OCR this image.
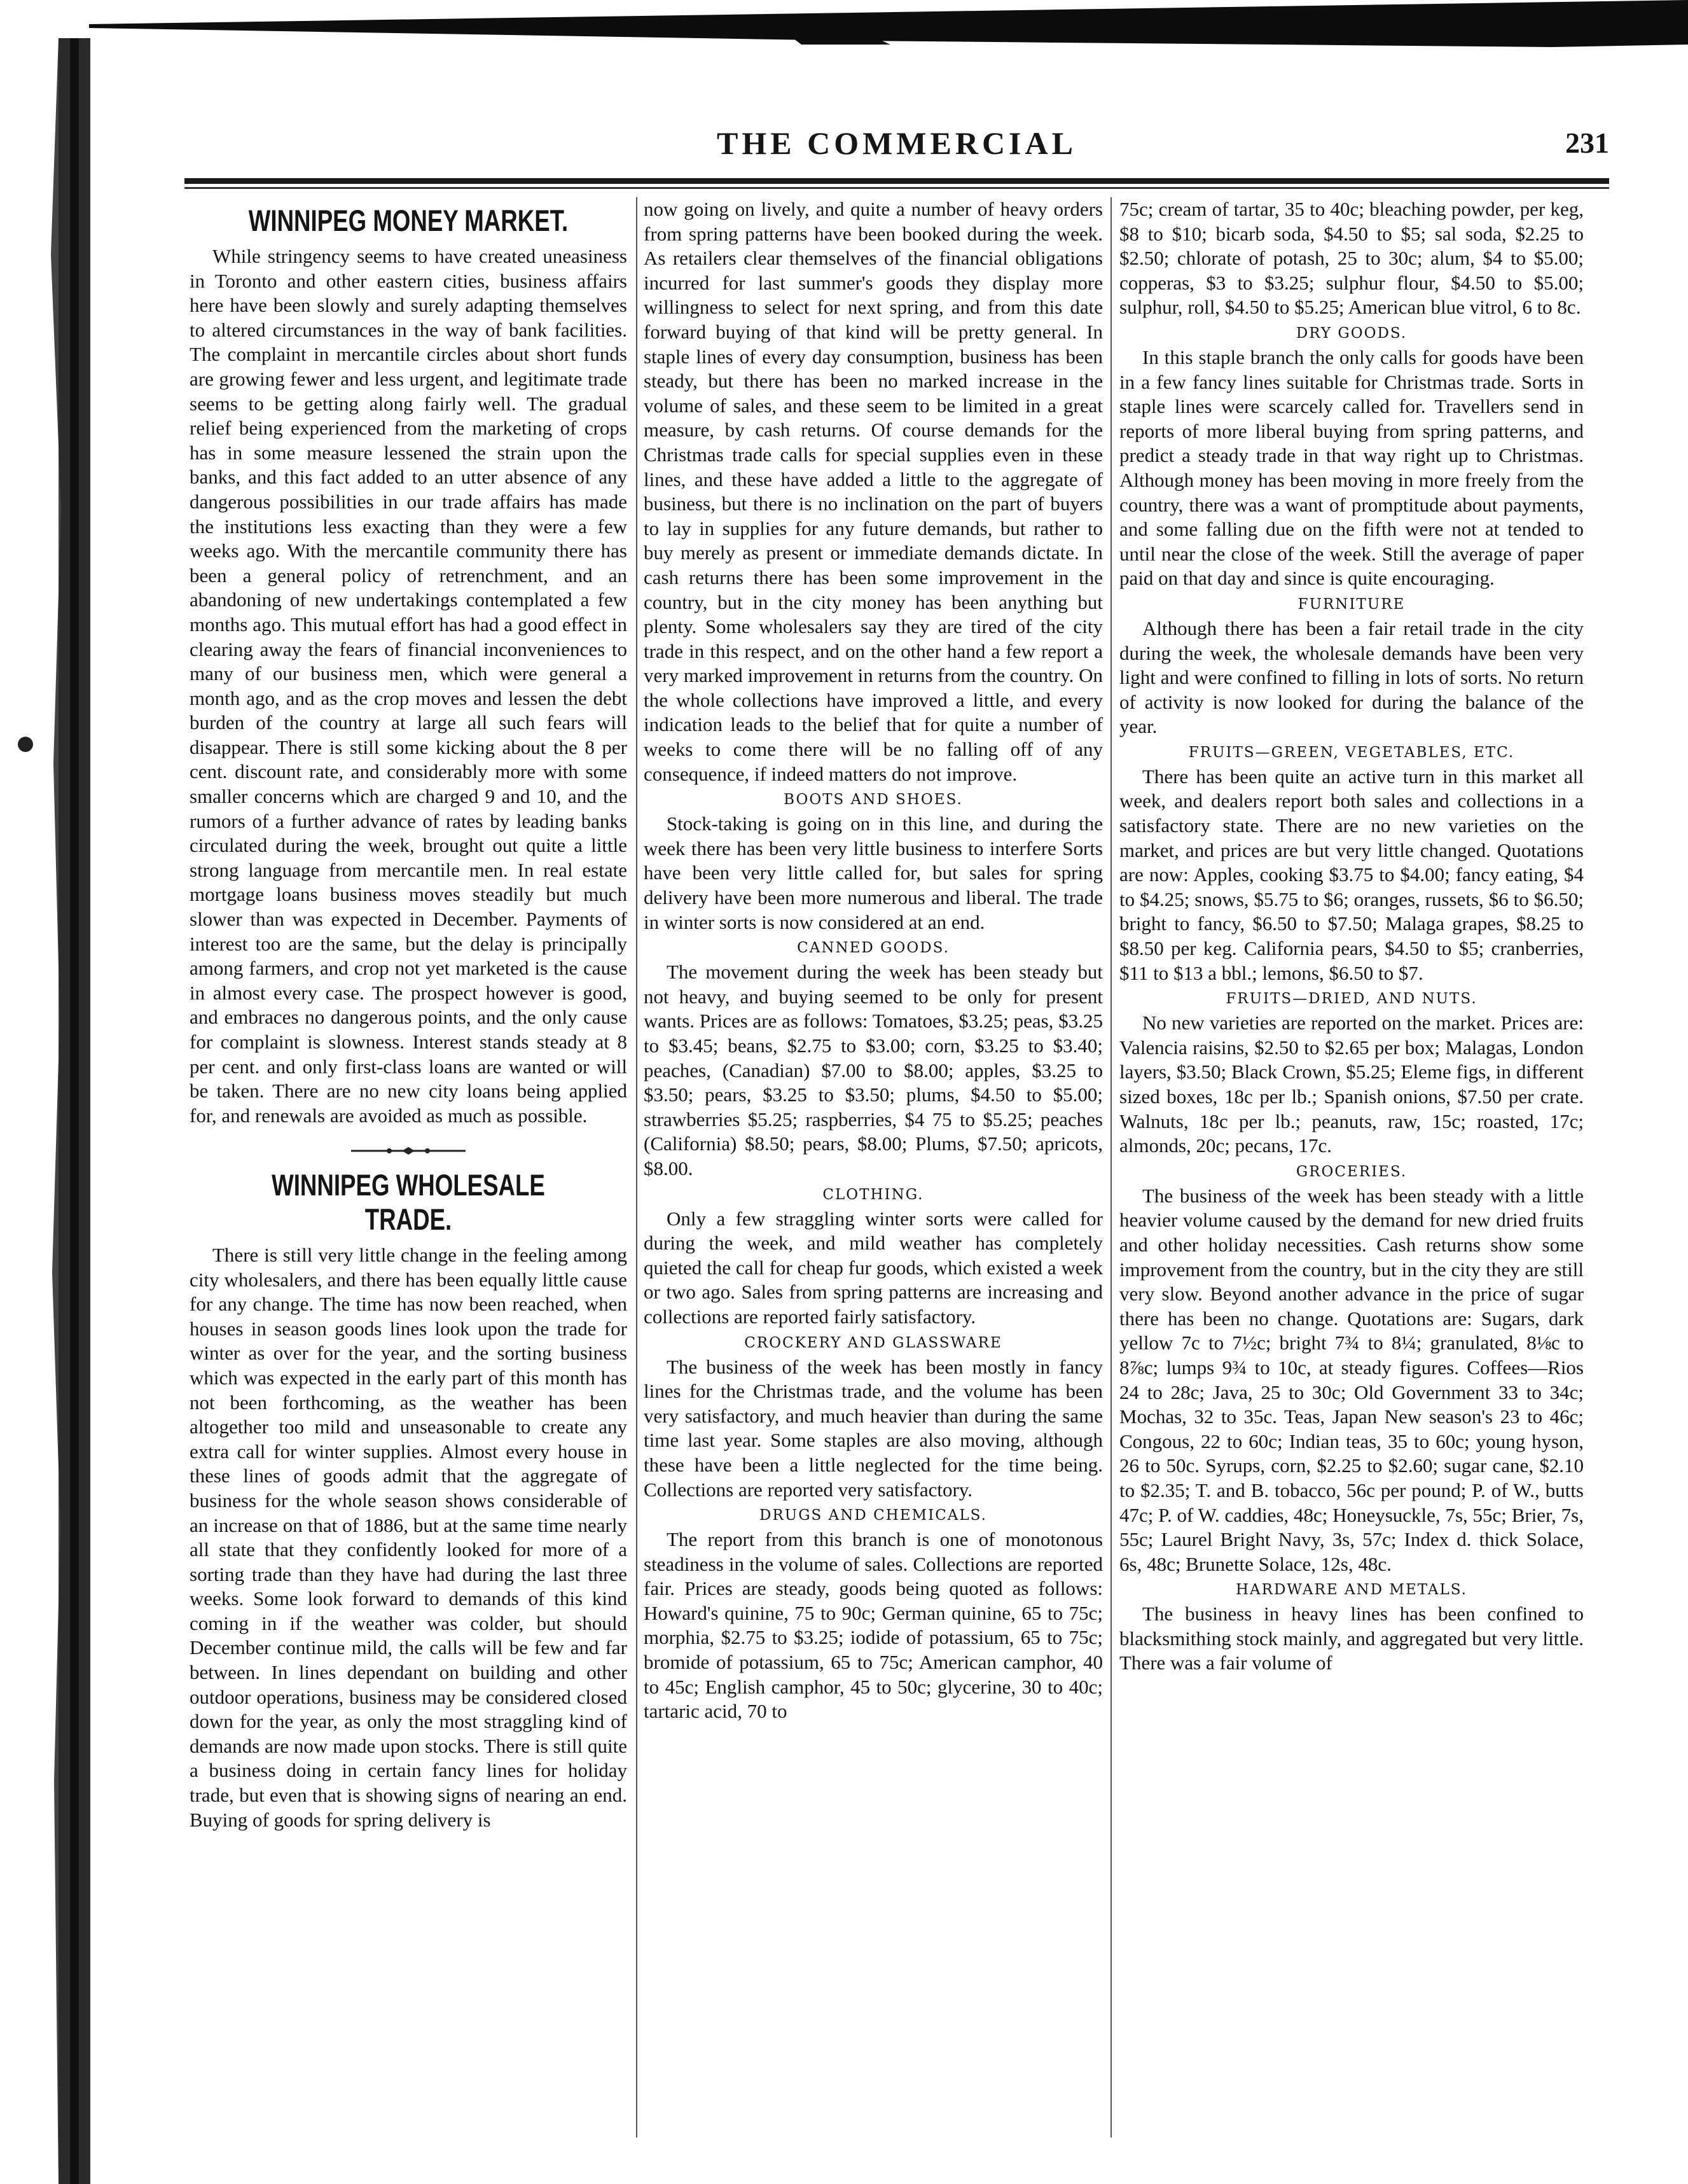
THE COMMERCIAL	231
WINNIPEG MONEY MARKET.

While stringency seems to have created uneasiness in Toronto and other eastern cities, business affairs here have been slowly and surely adapting themselves to altered circumstances in the way of bank facilities. The complaint in mercantile circles about short funds are growing fewer and less urgent, and legitimate trade seems to be getting along fairly well. The gradual relief being experienced from the marketing of crops has in some measure lessened the strain upon the banks, and this fact added to an utter absence of any dangerous possibilities in our trade affairs has made the institutions less exacting than they were a few weeks ago. With the mercantile community there has been a general policy of retrenchment, and an abandoning of new undertakings contemplated a few months ago. This mutual effort has had a good effect in clearing away the fears of financial inconveniences to many of our business men, which were general a month ago, and as the crop moves and lessen the debt burden of the country at large all such fears will disappear. There is still some kicking about the 8 per cent. discount rate, and considerably more with some smaller concerns which are charged 9 and 10, and the rumors of a further advance of rates by leading banks circulated during the week, brought out quite a little strong language from mercantile men. In real estate mortgage loans business moves steadily but much slower than was expected in December. Payments of interest too are the same, but the delay is principally among farmers, and crop not yet marketed is the cause in almost every case. The prospect however is good, and embraces no dangerous points, and the only cause for complaint is slowness. Interest stands steady at 8 per cent. and only first-class loans are wanted or will be taken. There are no new city loans being applied for, and renewals are avoided as much as possible.

WINNIPEG WHOLESALE TRADE.

There is still very little change in the feeling among city wholesalers, and there has been equally little cause for any change. The time has now been reached, when houses in season goods lines look upon the trade for winter as over for the year, and the sorting business which was expected in the early part of this month has not been forthcoming, as the weather has been altogether too mild and unseasonable to create any extra call for winter supplies. Almost every house in these lines of goods admit that the aggregate of business for the whole season shows considerable of an increase on that of 1886, but at the same time nearly all state that they confidently looked for more of a sorting trade than they have had during the last three weeks. Some look forward to demands of this kind coming in if the weather was colder, but should December continue mild, the calls will be few and far between. In lines dependant on building and other outdoor operations, business may be considered closed down for the year, as only the most straggling kind of demands are now made upon stocks. There is still quite a business doing in certain fancy lines for holiday trade, but even that is showing signs of nearing an end. Buying of goods for spring delivery is

now going on lively, and quite a number of heavy orders from spring patterns have been booked during the week. As retailers clear themselves of the financial obligations incurred for last summer's goods they display more willingness to select for next spring, and from this date forward buying of that kind will be pretty general. In staple lines of every day consumption, business has been steady, but there has been no marked increase in the volume of sales, and these seem to be limited in a great measure, by cash returns. Of course demands for the Christmas trade calls for special supplies even in these lines, and these have added a little to the aggregate of business, but there is no inclination on the part of buyers to lay in supplies for any future demands, but rather to buy merely as present or immediate demands dictate. In cash returns there has been some improvement in the country, but in the city money has been anything but plenty. Some wholesalers say they are tired of the city trade in this respect, and on the other hand a few report a very marked improvement in returns from the country. On the whole collections have improved a little, and every indication leads to the belief that for quite a number of weeks to come there will be no falling off of any consequence, if indeed matters do not improve.

BOOTS AND SHOES.

Stock-taking is going on in this line, and during the week there has been very little business to interfere Sorts have been very little called for, but sales for spring delivery have been more numerous and liberal. The trade in winter sorts is now considered at an end.

CANNED GOODS.

The movement during the week has been steady but not heavy, and buying seemed to be only for present wants. Prices are as follows: Tomatoes, $3.25; peas, $3.25 to $3.45; beans, $2.75 to $3.00; corn, $3.25 to $3.40; peaches, (Canadian) $7.00 to $8.00; apples, $3.25 to $3.50; pears, $3.25 to $3.50; plums, $4.50 to $5.00; strawberries $5.25; raspberries, $4 75 to $5.25; peaches (California) $8.50; pears, $8.00; Plums, $7.50; apricots, $8.00.

CLOTHING.

Only a few straggling winter sorts were called for during the week, and mild weather has completely quieted the call for cheap fur goods, which existed a week or two ago. Sales from spring patterns are increasing and collections are reported fairly satisfactory.

CROCKERY AND GLASSWARE

The business of the week has been mostly in fancy lines for the Christmas trade, and the volume has been very satisfactory, and much heavier than during the same time last year. Some staples are also moving, although these have been a little neglected for the time being. Collections are reported very satisfactory.

DRUGS AND CHEMICALS.

The report from this branch is one of monotonous steadiness in the volume of sales. Collections are reported fair. Prices are steady, goods being quoted as follows: Howard's quinine, 75 to 90c; German quinine, 65 to 75c; morphia, $2.75 to $3.25; iodide of potassium, 65 to 75c; bromide of potassium, 65 to 75c; American camphor, 40 to 45c; English camphor, 45 to 50c; glycerine, 30 to 40c; tartaric acid, 70 to

75c; cream of tartar, 35 to 40c; bleaching powder, per keg, $8 to $10; bicarb soda, $4.50 to $5; sal soda, $2.25 to $2.50; chlorate of potash, 25 to 30c; alum, $4 to $5.00; copperas, $3 to $3.25; sulphur flour, $4.50 to $5.00; sulphur, roll, $4.50 to $5.25; American blue vitrol, 6 to 8c.

DRY GOODS.

In this staple branch the only calls for goods have been in a few fancy lines suitable for Christmas trade. Sorts in staple lines were scarcely called for. Travellers send in reports of more liberal buying from spring patterns, and predict a steady trade in that way right up to Christmas. Although money has been moving in more freely from the country, there was a want of promptitude about payments, and some falling due on the fifth were not at tended to until near the close of the week. Still the average of paper paid on that day and since is quite encouraging.

FURNITURE

Although there has been a fair retail trade in the city during the week, the wholesale demands have been very light and were confined to filling in lots of sorts. No return of activity is now looked for during the balance of the year.

FRUITS—GREEN, VEGETABLES, ETC.

There has been quite an active turn in this market all week, and dealers report both sales and collections in a satisfactory state. There are no new varieties on the market, and prices are but very little changed. Quotations are now: Apples, cooking $3.75 to $4.00; fancy eating, $4 to $4.25; snows, $5.75 to $6; oranges, russets, $6 to $6.50; bright to fancy, $6.50 to $7.50; Malaga grapes, $8.25 to $8.50 per keg. California pears, $4.50 to $5; cranberries, $11 to $13 a bbl.; lemons, $6.50 to $7.

FRUITS—DRIED, AND NUTS.

No new varieties are reported on the market. Prices are: Valencia raisins, $2.50 to $2.65 per box; Malagas, London layers, $3.50; Black Crown, $5.25; Eleme figs, in different sized boxes, 18c per lb.; Spanish onions, $7.50 per crate. Walnuts, 18c per lb.; peanuts, raw, 15c; roasted, 17c; almonds, 20c; pecans, 17c.

GROCERIES.

The business of the week has been steady with a little heavier volume caused by the demand for new dried fruits and other holiday necessities. Cash returns show some improvement from the country, but in the city they are still very slow. Beyond another advance in the price of sugar there has been no change. Quotations are: Sugars, dark yellow 7c to 7½c; bright 7¾ to 8¼; granulated, 8⅛c to 8⅞c; lumps 9¾ to 10c, at steady figures. Coffees—Rios 24 to 28c; Java, 25 to 30c; Old Government 33 to 34c; Mochas, 32 to 35c. Teas, Japan New season's 23 to 46c; Congous, 22 to 60c; Indian teas, 35 to 60c; young hyson, 26 to 50c. Syrups, corn, $2.25 to $2.60; sugar cane, $2.10 to $2.35; T. and B. tobacco, 56c per pound; P. of W., butts 47c; P. of W. caddies, 48c; Honeysuckle, 7s, 55c; Brier, 7s, 55c; Laurel Bright Navy, 3s, 57c; Index d. thick Solace, 6s, 48c; Brunette Solace, 12s, 48c.

HARDWARE AND METALS.

The business in heavy lines has been confined to blacksmithing stock mainly, and aggregated but very little. There was a fair volume of
